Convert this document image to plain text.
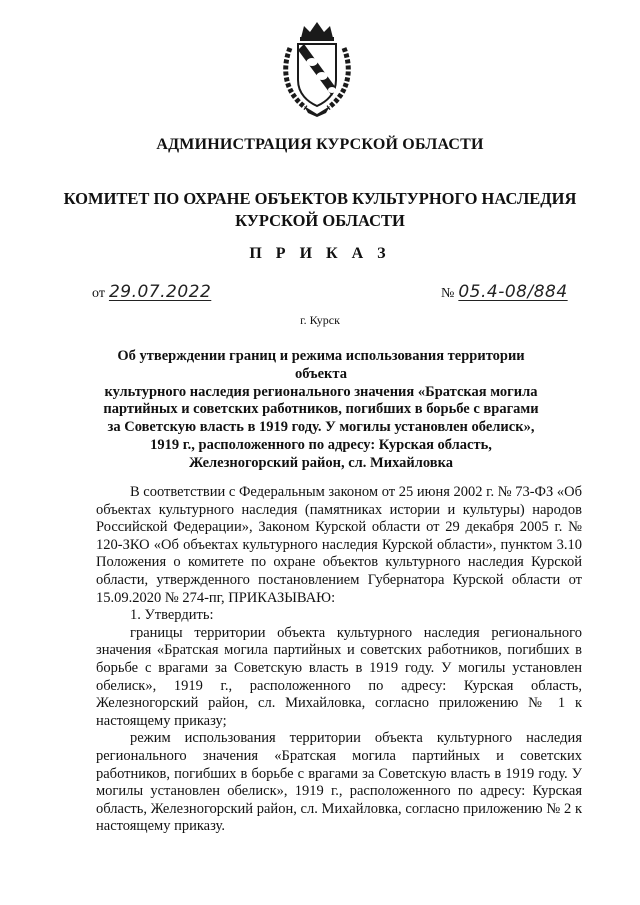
АДМИНИСТРАЦИЯ КУРСКОЙ ОБЛАСТИ
КОМИТЕТ ПО ОХРАНЕ ОБЪЕКТОВ КУЛЬТУРНОГО НАСЛЕДИЯ
КУРСКОЙ ОБЛАСТИ
П Р И К А З
от 29.07.2022	№ 05.4-08/884
г. Курск
Об утверждении границ и режима использования территории объекта
культурного наследия регионального значения «Братская могила
партийных и советских работников, погибших в борьбе с врагами
за Советскую власть в 1919 году. У могилы установлен обелиск»,
1919 г., расположенного по адресу: Курская область,
Железногорский район, сл. Михайловка

В соответствии с Федеральным законом от 25 июня 2002 г. № 73-ФЗ «Об объектах культурного наследия (памятниках истории и культуры) народов Российской Федерации», Законом Курской области от 29 декабря 2005 г. № 120-ЗКО «Об объектах культурного наследия Курской области», пунктом 3.10 Положения о комитете по охране объектов культурного наследия Курской области, утвержденного постановлением Губернатора Курской области от 15.09.2020 № 274-пг, ПРИКАЗЫВАЮ:

1. Утвердить:

границы территории объекта культурного наследия регионального значения «Братская могила партийных и советских работников, погибших в борьбе с врагами за Советскую власть в 1919 году. У могилы установлен обелиск», 1919 г., расположенного по адресу: Курская область, Железногорский район, сл. Михайловка, согласно приложению № 1 к настоящему приказу;

режим использования территории объекта культурного наследия регионального значения «Братская могила партийных и советских работников, погибших в борьбе с врагами за Советскую власть в 1919 году. У могилы установлен обелиск», 1919 г., расположенного по адресу: Курская область, Железногорский район, сл. Михайловка, согласно приложению № 2 к настоящему приказу.
